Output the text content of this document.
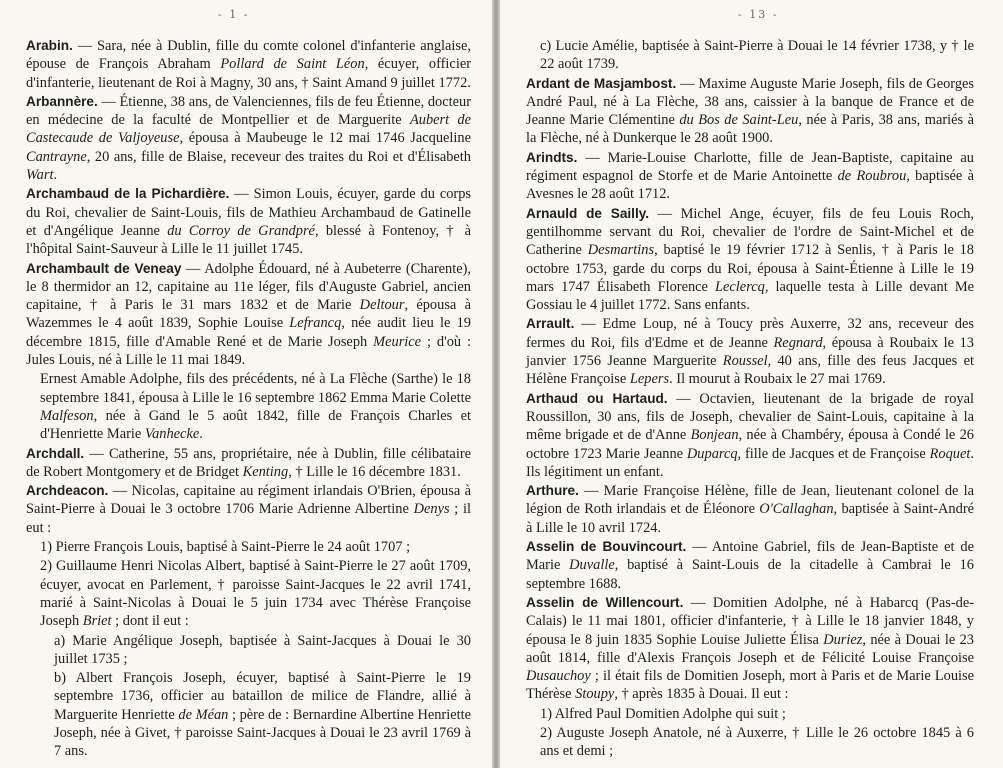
- 1 -

Arabin. — Sara, née à Dublin, fille du comte colonel d'infanterie anglaise, épouse de François Abraham Pollard de Saint Léon, écuyer, officier d'infanterie, lieutenant de Roi à Magny, 30 ans, † Saint Amand 9 juillet 1772.

Arbannère. — Étienne, 38 ans, de Valenciennes, fils de feu Étienne, docteur en médecine de la faculté de Montpellier et de Marguerite Aubert de Castecaude de Valjoyeuse, épousa à Maubeuge le 12 mai 1746 Jacqueline Cantrayne, 20 ans, fille de Blaise, receveur des traites du Roi et d'Élisabeth Wart.

Archambaud de la Pichardière. — Simon Louis, écuyer, garde du corps du Roi, chevalier de Saint-Louis, fils de Mathieu Archambaud de Gatinelle et d'Angélique Jeanne du Corroy de Grandpré, blessé à Fontenoy, † à l'hôpital Saint-Sauveur à Lille le 11 juillet 1745.

Archambault de Veneay — Adolphe Édouard, né à Aubeterre (Charente), le 8 thermidor an 12, capitaine au 11e léger, fils d'Auguste Gabriel, ancien capitaine, † à Paris le 31 mars 1832 et de Marie Deltour, épousa à Wazemmes le 4 août 1839, Sophie Louise Lefrancq, née audit lieu le 19 décembre 1815, fille d'Amable René et de Marie Joseph Meurice ; d'où : Jules Louis, né à Lille le 11 mai 1849.

Ernest Amable Adolphe, fils des précédents, né à La Flèche (Sarthe) le 18 septembre 1841, épousa à Lille le 16 septembre 1862 Emma Marie Colette Malfeson, née à Gand le 5 août 1842, fille de François Charles et d'Henriette Marie Vanhecke.

Archdall. — Catherine, 55 ans, propriétaire, née à Dublin, fille célibataire de Robert Montgomery et de Bridget Kenting, † Lille le 16 décembre 1831.

Archdeacon. — Nicolas, capitaine au régiment irlandais O'Brien, épousa à Saint-Pierre à Douai le 3 octobre 1706 Marie Adrienne Albertine Denys ; il eut :

1) Pierre François Louis, baptisé à Saint-Pierre le 24 août 1707 ;

2) Guillaume Henri Nicolas Albert, baptisé à Saint-Pierre le 27 août 1709, écuyer, avocat en Parlement, † paroisse Saint-Jacques le 22 avril 1741, marié à Saint-Nicolas à Douai le 5 juin 1734 avec Thérèse Françoise Joseph Briet ; dont il eut :

a) Marie Angélique Joseph, baptisée à Saint-Jacques à Douai le 30 juillet 1735 ;

b) Albert François Joseph, écuyer, baptisé à Saint-Pierre le 19 septembre 1736, officier au bataillon de milice de Flandre, allié à Marguerite Henriette de Méan ; père de : Bernardine Albertine Henriette Joseph, née à Givet, † paroisse Saint-Jacques à Douai le 23 avril 1769 à 7 ans.

- 13 -

c) Lucie Amélie, baptisée à Saint-Pierre à Douai le 14 février 1738, y † le 22 août 1739.

Ardant de Masjambost. — Maxime Auguste Marie Joseph, fils de Georges André Paul, né à La Flèche, 38 ans, caissier à la banque de France et de Jeanne Marie Clémentine du Bos de Saint-Leu, née à Paris, 38 ans, mariés à la Flèche, né à Dunkerque le 28 août 1900.

Arindts. — Marie-Louise Charlotte, fille de Jean-Baptiste, capitaine au régiment espagnol de Storfe et de Marie Antoinette de Roubrou, baptisée à Avesnes le 28 août 1712.

Arnauld de Sailly. — Michel Ange, écuyer, fils de feu Louis Roch, gentilhomme servant du Roi, chevalier de l'ordre de Saint-Michel et de Catherine Desmartins, baptisé le 19 février 1712 à Senlis, † à Paris le 18 octobre 1753, garde du corps du Roi, épousa à Saint-Étienne à Lille le 19 mars 1747 Élisabeth Florence Leclercq, laquelle testa à Lille devant Me Gossiau le 4 juillet 1772. Sans enfants.

Arrault. — Edme Loup, né à Toucy près Auxerre, 32 ans, receveur des fermes du Roi, fils d'Edme et de Jeanne Regnard, épousa à Roubaix le 13 janvier 1756 Jeanne Marguerite Roussel, 40 ans, fille des feus Jacques et Hélène Françoise Lepers. Il mourut à Roubaix le 27 mai 1769.

Arthaud ou Hartaud. — Octavien, lieutenant de la brigade de royal Roussillon, 30 ans, fils de Joseph, chevalier de Saint-Louis, capitaine à la même brigade et de d'Anne Bonjean, née à Chambéry, épousa à Condé le 26 octobre 1723 Marie Jeanne Duparcq, fille de Jacques et de Françoise Roquet. Ils légitiment un enfant.

Arthure. — Marie Françoise Hélène, fille de Jean, lieutenant colonel de la légion de Roth irlandais et de Éléonore O'Callaghan, baptisée à Saint-André à Lille le 10 avril 1724.

Asselin de Bouvincourt. — Antoine Gabriel, fils de Jean-Baptiste et de Marie Duvalle, baptisé à Saint-Louis de la citadelle à Cambrai le 16 septembre 1688.

Asselin de Willencourt. — Domitien Adolphe, né à Habarcq (Pas-de-Calais) le 11 mai 1801, officier d'infanterie, † à Lille le 18 janvier 1848, y épousa le 8 juin 1835 Sophie Louise Juliette Élisa Duriez, née à Douai le 23 août 1814, fille d'Alexis François Joseph et de Félicité Louise Françoise Dusauchoy ; il était fils de Domitien Joseph, mort à Paris et de Marie Louise Thérèse Stoupy, † après 1835 à Douai. Il eut :

1) Alfred Paul Domitien Adolphe qui suit ;

2) Auguste Joseph Anatole, né à Auxerre, † Lille le 26 octobre 1845 à 6 ans et demi ;
